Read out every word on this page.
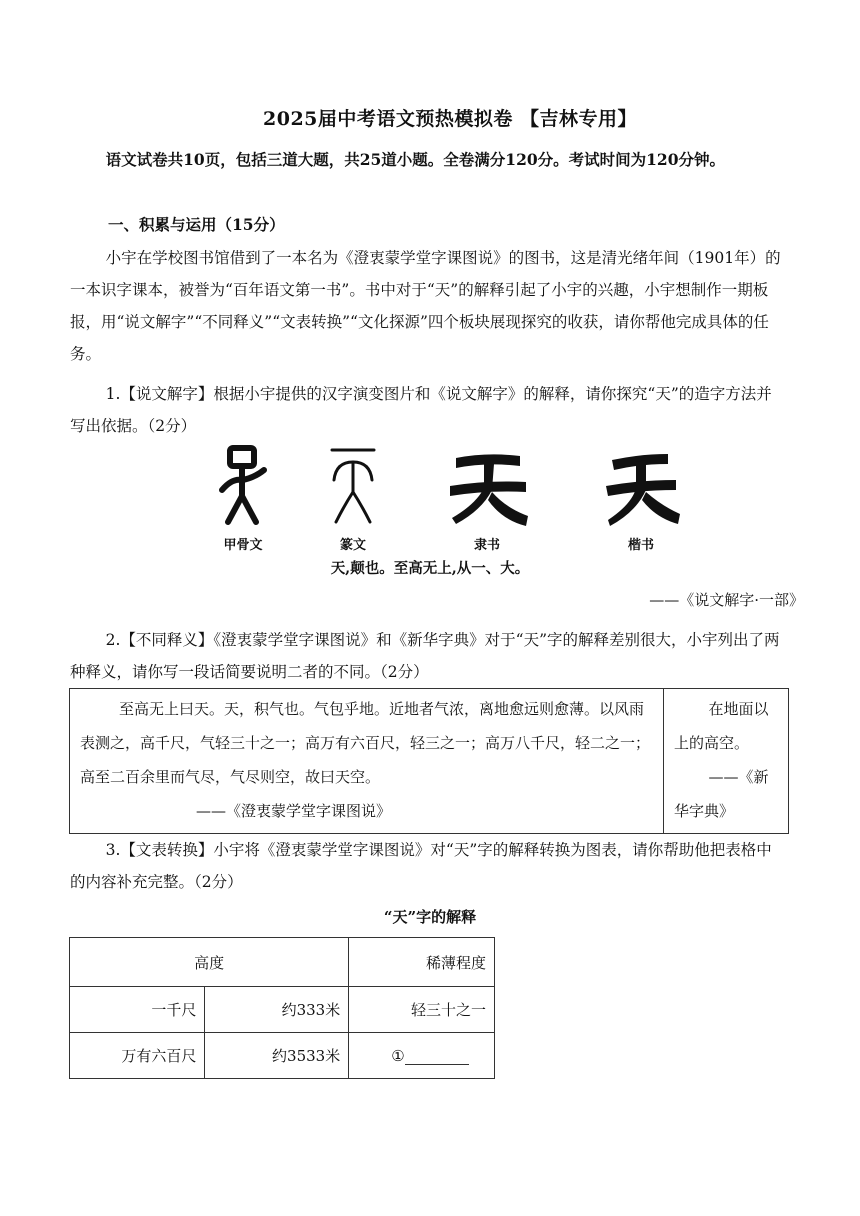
2025届中考语文预热模拟卷 【吉林专用】
语文试卷共10页，包括三道大题，共25道小题。全卷满分120分。考试时间为120分钟。
一、积累与运用（15分）
小宇在学校图书馆借到了一本名为《澄衷蒙学堂字课图说》的图书，这是清光绪年间（1901年）的一本识字课本，被誉为“百年语文第一书”。书中对于“天”的解释引起了小宇的兴趣，小宇想制作一期板报，用“说文解字”“不同释义”“文表转换”“文化探源”四个板块展现探究的收获，请你帮他完成具体的任务。
1.【说文解字】根据小宇提供的汉字演变图片和《说文解字》的解释，请你探究“天”的造字方法并写出依据。（2分）
甲骨文	篆文	隶书	楷书
天,颠也。至高无上,从一、大。
——《说文解字·一部》
2.【不同释义】《澄衷蒙学堂字课图说》和《新华字典》对于“天”字的解释差别很大，小宇列出了两种释义，请你写一段话简要说明二者的不同。（2分）
至高无上曰天。天，积气也。气包乎地。近地者气浓，离地愈远则愈薄。以风雨表测之，高千尺，气轻三十之一；高万有六百尺，轻三之一；高万八千尺，轻二之一；高至二百余里而气尽，气尽则空，故曰天空。
——《澄衷蒙学堂字课图说》
在地面以上的高空。
——《新华字典》
3.【文表转换】小宇将《澄衷蒙学堂字课图说》对“天”字的解释转换为图表，请你帮助他把表格中的内容补充完整。（2分）
“天”字的解释
高度		稀薄程度
一千尺	约333米	轻三十之一
万有六百尺	约3533米	①
